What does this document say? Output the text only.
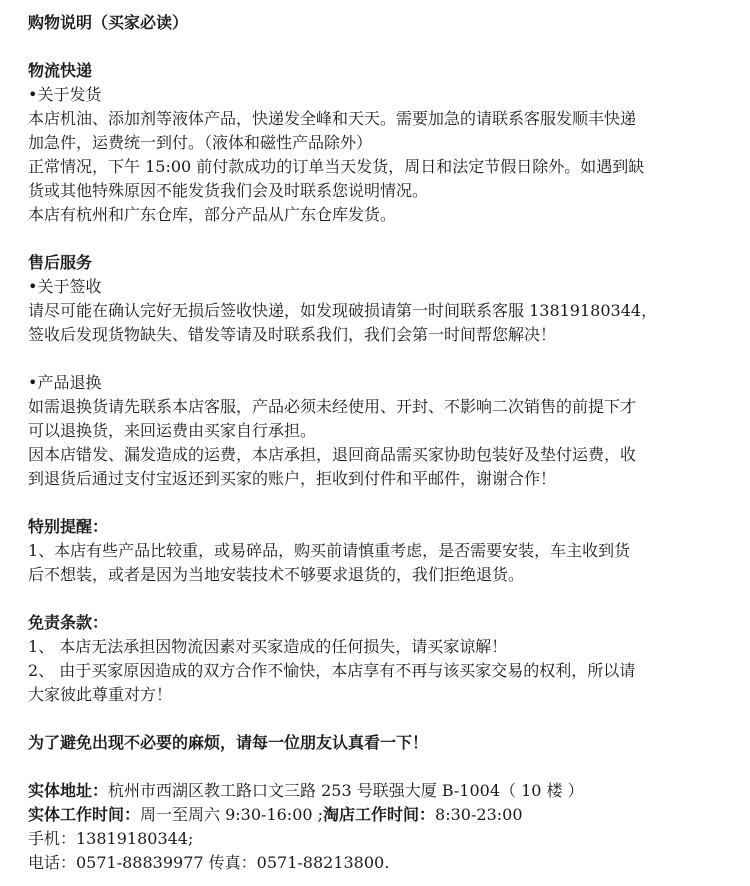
购物说明（买家必读）
物流快递
•关于发货
本店机油、添加剂等液体产品，快递发全峰和天天。需要加急的请联系客服发顺丰快递
加急件，运费统一到付。（液体和磁性产品除外）
正常情况，下午 15:00 前付款成功的订单当天发货，周日和法定节假日除外。如遇到缺
货或其他特殊原因不能发货我们会及时联系您说明情况。
本店有杭州和广东仓库，部分产品从广东仓库发货。
售后服务
•关于签收
请尽可能在确认完好无损后签收快递，如发现破损请第一时间联系客服 13819180344，
签收后发现货物缺失、错发等请及时联系我们，我们会第一时间帮您解决！
•产品退换
如需退换货请先联系本店客服，产品必须未经使用、开封、不影响二次销售的前提下才
可以退换货，来回运费由买家自行承担。
因本店错发、漏发造成的运费，本店承担，退回商品需买家协助包装好及垫付运费，收
到退货后通过支付宝返还到买家的账户，拒收到付件和平邮件，谢谢合作！
特别提醒：
1、本店有些产品比较重，或易碎品，购买前请慎重考虑，是否需要安装，车主收到货
后不想装，或者是因为当地安装技术不够要求退货的，我们拒绝退货。
免责条款：
1、 本店无法承担因物流因素对买家造成的任何损失，请买家谅解！
2、 由于买家原因造成的双方合作不愉快，本店享有不再与该买家交易的权利，所以请
大家彼此尊重对方！
为了避免出现不必要的麻烦，请每一位朋友认真看一下！
实体地址：杭州市西湖区教工路口文三路 253 号联强大厦 B-1004（ 10 楼 ）
实体工作时间：周一至周六 9:30-16:00 ;淘店工作时间：8:30-23:00
手机：13819180344;
电话：0571-88839977 传真：0571-88213800.
